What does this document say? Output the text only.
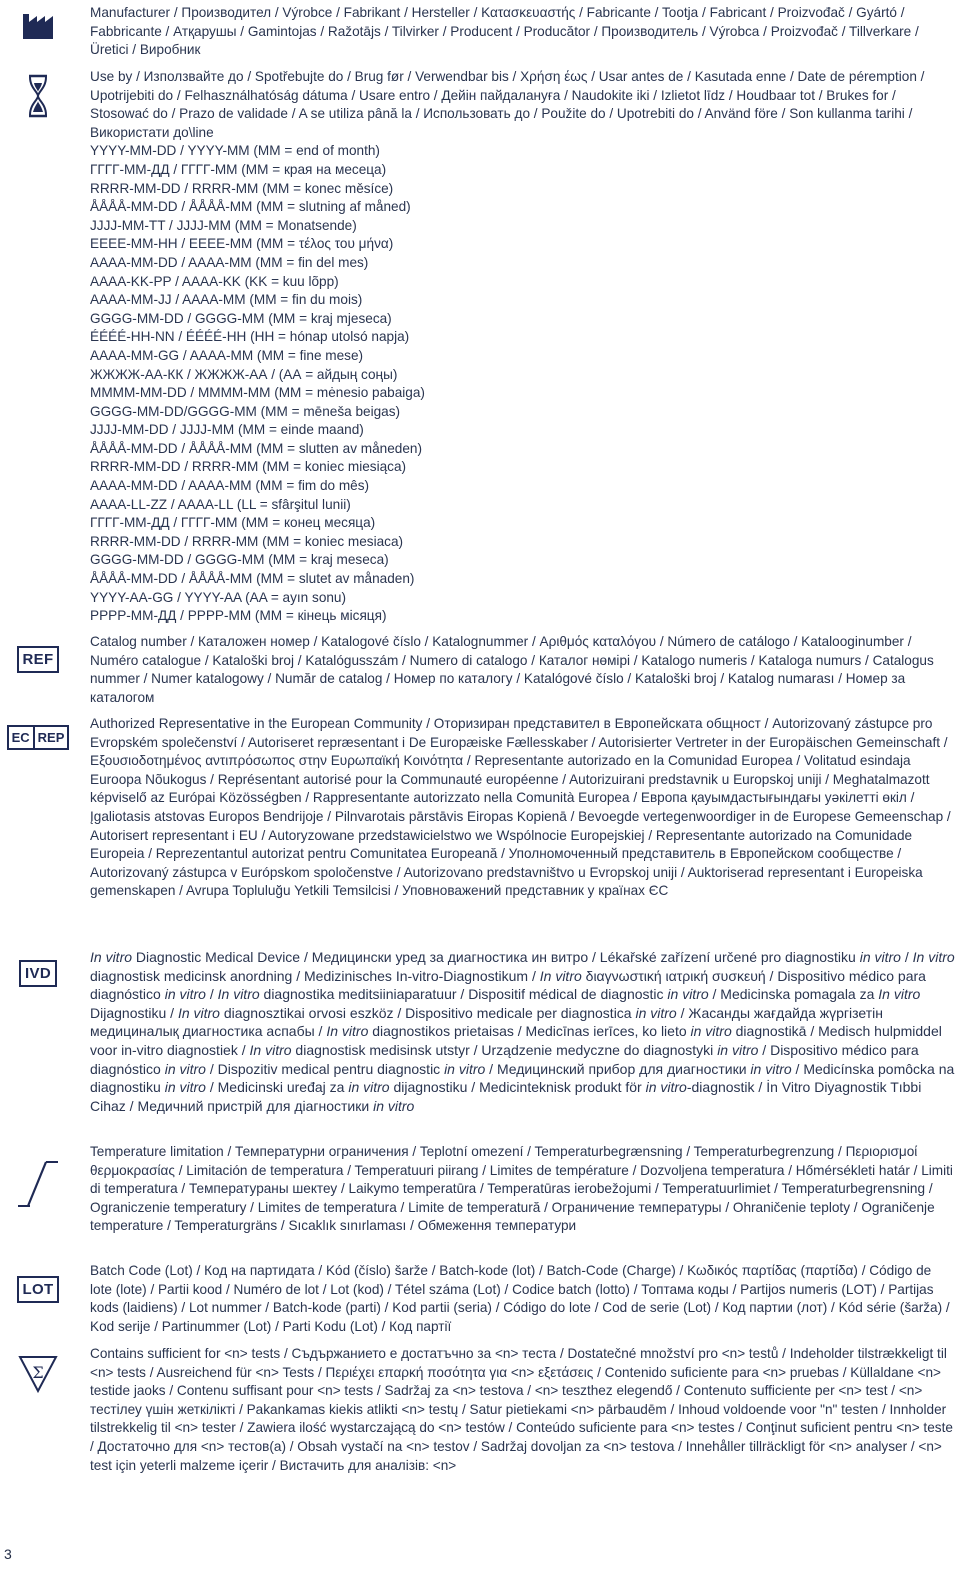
Manufacturer / Производител / Výrobce / Fabrikant / Hersteller / Κατασκευαστής / Fabricante / Tootja / Fabricant / Proizvođač / Gyártó / Fabbricante / Атқарушы / Gamintojas / Ražotājs / Tilvirker / Producent / Producător / Производитель / Výrobca / Proizvođač / Tillverkare / Üretici / Виробник

Use by / Използвайте до / Spotřebujte do / Brug før / Verwendbar bis / Χρήση έως / Usar antes de / Kasutada enne / Date de péremption / Upotrijebiti do / Felhasználhatóság dátuma / Usare entro / Дейін пайдалануға / Naudokite iki / Izlietot līdz / Houdbaar tot / Brukes for / Stosować do / Prazo de validade / A se utiliza până la / Использовать до / Použite do / Upotrebiti do / Använd före / Son kullanma tarihi / Використати до\line

YYYY-MM-DD / YYYY-MM (MM = end of month)

ГГГГ-ММ-ДД / ГГГГ-ММ (ММ = края на месеца)

RRRR-MM-DD / RRRR-MM (MM = konec měsíce)

ÅÅÅÅ-MM-DD / ÅÅÅÅ-MM (MM = slutning af måned)

JJJJ-MM-TT / JJJJ-MM (MM = Monatsende)

ΕΕΕΕ-ΜΜ-ΗΗ / ΕΕΕΕ-ΜΜ (ΜΜ = τέλος του μήνα)

AAAA-MM-DD / AAAA-MM (MM = fin del mes)

AAAA-KK-PP / AAAA-KK (KK = kuu lõpp)

AAAA-MM-JJ / AAAA-MM (MM = fin du mois)

GGGG-MM-DD / GGGG-MM (MM = kraj mjeseca)

ÉÉÉÉ-HH-NN / ÉÉÉÉ-HH (HH = hónap utolsó napja)

AAAA-MM-GG / AAAA-MM (MM = fine mese)

ЖЖЖЖ-АА-КК / ЖЖЖЖ-АА / (АА = айдың соңы)

MMMM-MM-DD / MMMM-MM (MM = mėnesio pabaiga)

GGGG-MM-DD/GGGG-MM (MM = mēneša beigas)

JJJJ-MM-DD / JJJJ-MM (MM = einde maand)

ÅÅÅÅ-MM-DD / ÅÅÅÅ-MM (MM = slutten av måneden)

RRRR-MM-DD / RRRR-MM (MM = koniec miesiąca)

AAAA-MM-DD / AAAA-MM (MM = fim do mês)

AAAA-LL-ZZ / AAAA-LL (LL = sfârşitul lunii)

ГГГГ-ММ-ДД / ГГГГ-ММ (ММ = конец месяца)

RRRR-MM-DD / RRRR-MM (MM = koniec mesiaca)

GGGG-MM-DD / GGGG-MM (MM = kraj meseca)

ÅÅÅÅ-MM-DD / ÅÅÅÅ-MM (MM = slutet av månaden)

YYYY-AA-GG / YYYY-AA (AA = ayın sonu)

РРРР-ММ-ДД / РРРР-ММ (ММ = кінець місяця)

REF
Catalog number / Каталожен номер / Katalogové číslo / Katalognummer / Αριθμός καταλόγου / Número de catálogo / Katalooginumber / Numéro catalogue / Kataloški broj / Katalógusszám / Numero di catalogo / Каталог нөмірі / Katalogo numeris / Kataloga numurs / Catalogus nummer / Numer katalogowy / Număr de catalog / Номер по каталогу / Katalógové číslo / Kataloški broj / Katalog numarası / Номер за каталогом
EC REP
Authorized Representative in the European Community / Оторизиран представител в Европейската общност / Autorizovaný zástupce pro Evropském společenství / Autoriseret repræsentant i De Europæiske Fællesskaber / Autorisierter Vertreter in der Europäischen Gemeinschaft / Εξουσιοδοτημένος αντιπρόσωπος στην Ευρωπαϊκή Κοινότητα / Representante autorizado en la Comunidad Europea / Volitatud esindaja Euroopa Nõukogus / Représentant autorisé pour la Communauté européenne / Autorizuirani predstavnik u Europskoj uniji / Meghatalmazott képviselő az Európai Közösségben / Rappresentante autorizzato nella Comunità Europea / Европа қауымдастығындағы уәкілетті өкіл / Įgaliotasis atstovas Europos Bendrijoje / Pilnvarotais pārstāvis Eiropas Kopienā / Bevoegde vertegenwoordiger in de Europese Gemeenschap / Autorisert representant i EU / Autoryzowane przedstawicielstwo we Wspólnocie Europejskiej / Representante autorizado na Comunidade Europeia / Reprezentantul autorizat pentru Comunitatea Europeană / Уполномоченный представитель в Европейском сообществе / Autorizovaný zástupca v Európskom spoločenstve / Autorizovano predstavništvo u Evropskoj uniji / Auktoriserad representant i Europeiska gemenskapen / Avrupa Topluluğu Yetkili Temsilcisi / Уповноважений представник у країнах ЄС
IVD
In vitro Diagnostic Medical Device / Медицински уред за диагностика ин витро / Lékařské zařízení určené pro diagnostiku in vitro / In vitro diagnostisk medicinsk anordning / Medizinisches In-vitro-Diagnostikum / In vitro διαγνωστική ιατρική συσκευή / Dispositivo médico para diagnóstico in vitro / In vitro diagnostika meditsiiniaparatuur / Dispositif médical de diagnostic in vitro / Medicinska pomagala za In vitro Dijagnostiku / In vitro diagnosztikai orvosi eszköz / Dispositivo medicale per diagnostica in vitro / Жасанды жағдайда жүргізетін медициналық диагностика аспабы / In vitro diagnostikos prietaisas / Medicīnas ierīces, ko lieto in vitro diagnostikā / Medisch hulpmiddel voor in-vitro diagnostiek / In vitro diagnostisk medisinsk utstyr / Urządzenie medyczne do diagnostyki in vitro / Dispositivo médico para diagnóstico in vitro / Dispozitiv medical pentru diagnostic in vitro / Медицинский прибор для диагностики in vitro / Medicínska pomôcka na diagnostiku in vitro / Medicinski uređaj za in vitro dijagnostiku / Medicinteknisk produkt för in vitro-diagnostik / İn Vitro Diyagnostik Tıbbi Cihaz / Медичний пристрій для діагностики in vitro
Temperature limitation / Температурни ограничения / Teplotní omezení / Temperaturbegrænsning / Temperaturbegrenzung / Περιορισμοί θερμοκρασίας / Limitación de temperatura / Temperatuuri piirang / Limites de température / Dozvoljena temperatura / Hőmérsékleti határ / Limiti di temperatura / Температураны шектеу / Laikymo temperatūra / Temperatūras ierobežojumi / Temperatuurlimiet / Temperaturbegrensning / Ograniczenie temperatury / Limites de temperatura / Limite de temperatură / Ограничение температуры / Ohraničenie teploty / Ograničenje temperature / Temperaturgräns / Sıcaklık sınırlaması / Обмеження температури
LOT
Batch Code (Lot) / Код на партидата / Kód (číslo) šarže / Batch-kode (lot) / Batch-Code (Charge) / Κωδικός παρτίδας (παρτίδα) / Código de lote (lote) / Partii kood / Numéro de lot / Lot (kod) / Tétel száma (Lot) / Codice batch (lotto) / Топтама коды / Partijos numeris (LOT) / Partijas kods (laidiens) / Lot nummer / Batch-kode (parti) / Kod partii (seria) / Código do lote / Cod de serie (Lot) / Код партии (лот) / Kód série (šarža) / Kod serije / Partinummer (Lot) / Parti Kodu (Lot) / Код партії
Σ
Contains sufficient for <n> tests / Съдържанието е достатъчно за <n> теста / Dostatečné množství pro <n> testů / Indeholder tilstrækkeligt til <n> tests / Ausreichend für <n> Tests / Περιέχει επαρκή ποσότητα για <n> εξετάσεις / Contenido suficiente para <n> pruebas / Küllaldane <n> testide jaoks / Contenu suffisant pour <n> tests / Sadržaj za <n> testova / <n> teszthez elegendő / Contenuto sufficiente per <n> test / <n> тестілеу үшін жеткілікті / Pakankamas kiekis atlikti <n> testų / Satur pietiekami <n> pārbaudēm / Inhoud voldoende voor "n" testen / Innholder tilstrekkelig til <n> tester / Zawiera ilość wystarczającą do <n> testów / Conteúdo suficiente para <n> testes / Conţinut suficient pentru <n> teste / Достаточно для <n> тестов(а) / Obsah vystačí na <n> testov / Sadržaj dovoljan za <n> testova / Innehåller tillräckligt för <n> analyser / <n> test için yeterli malzeme içerir / Вистачить для аналізів: <n>
3
